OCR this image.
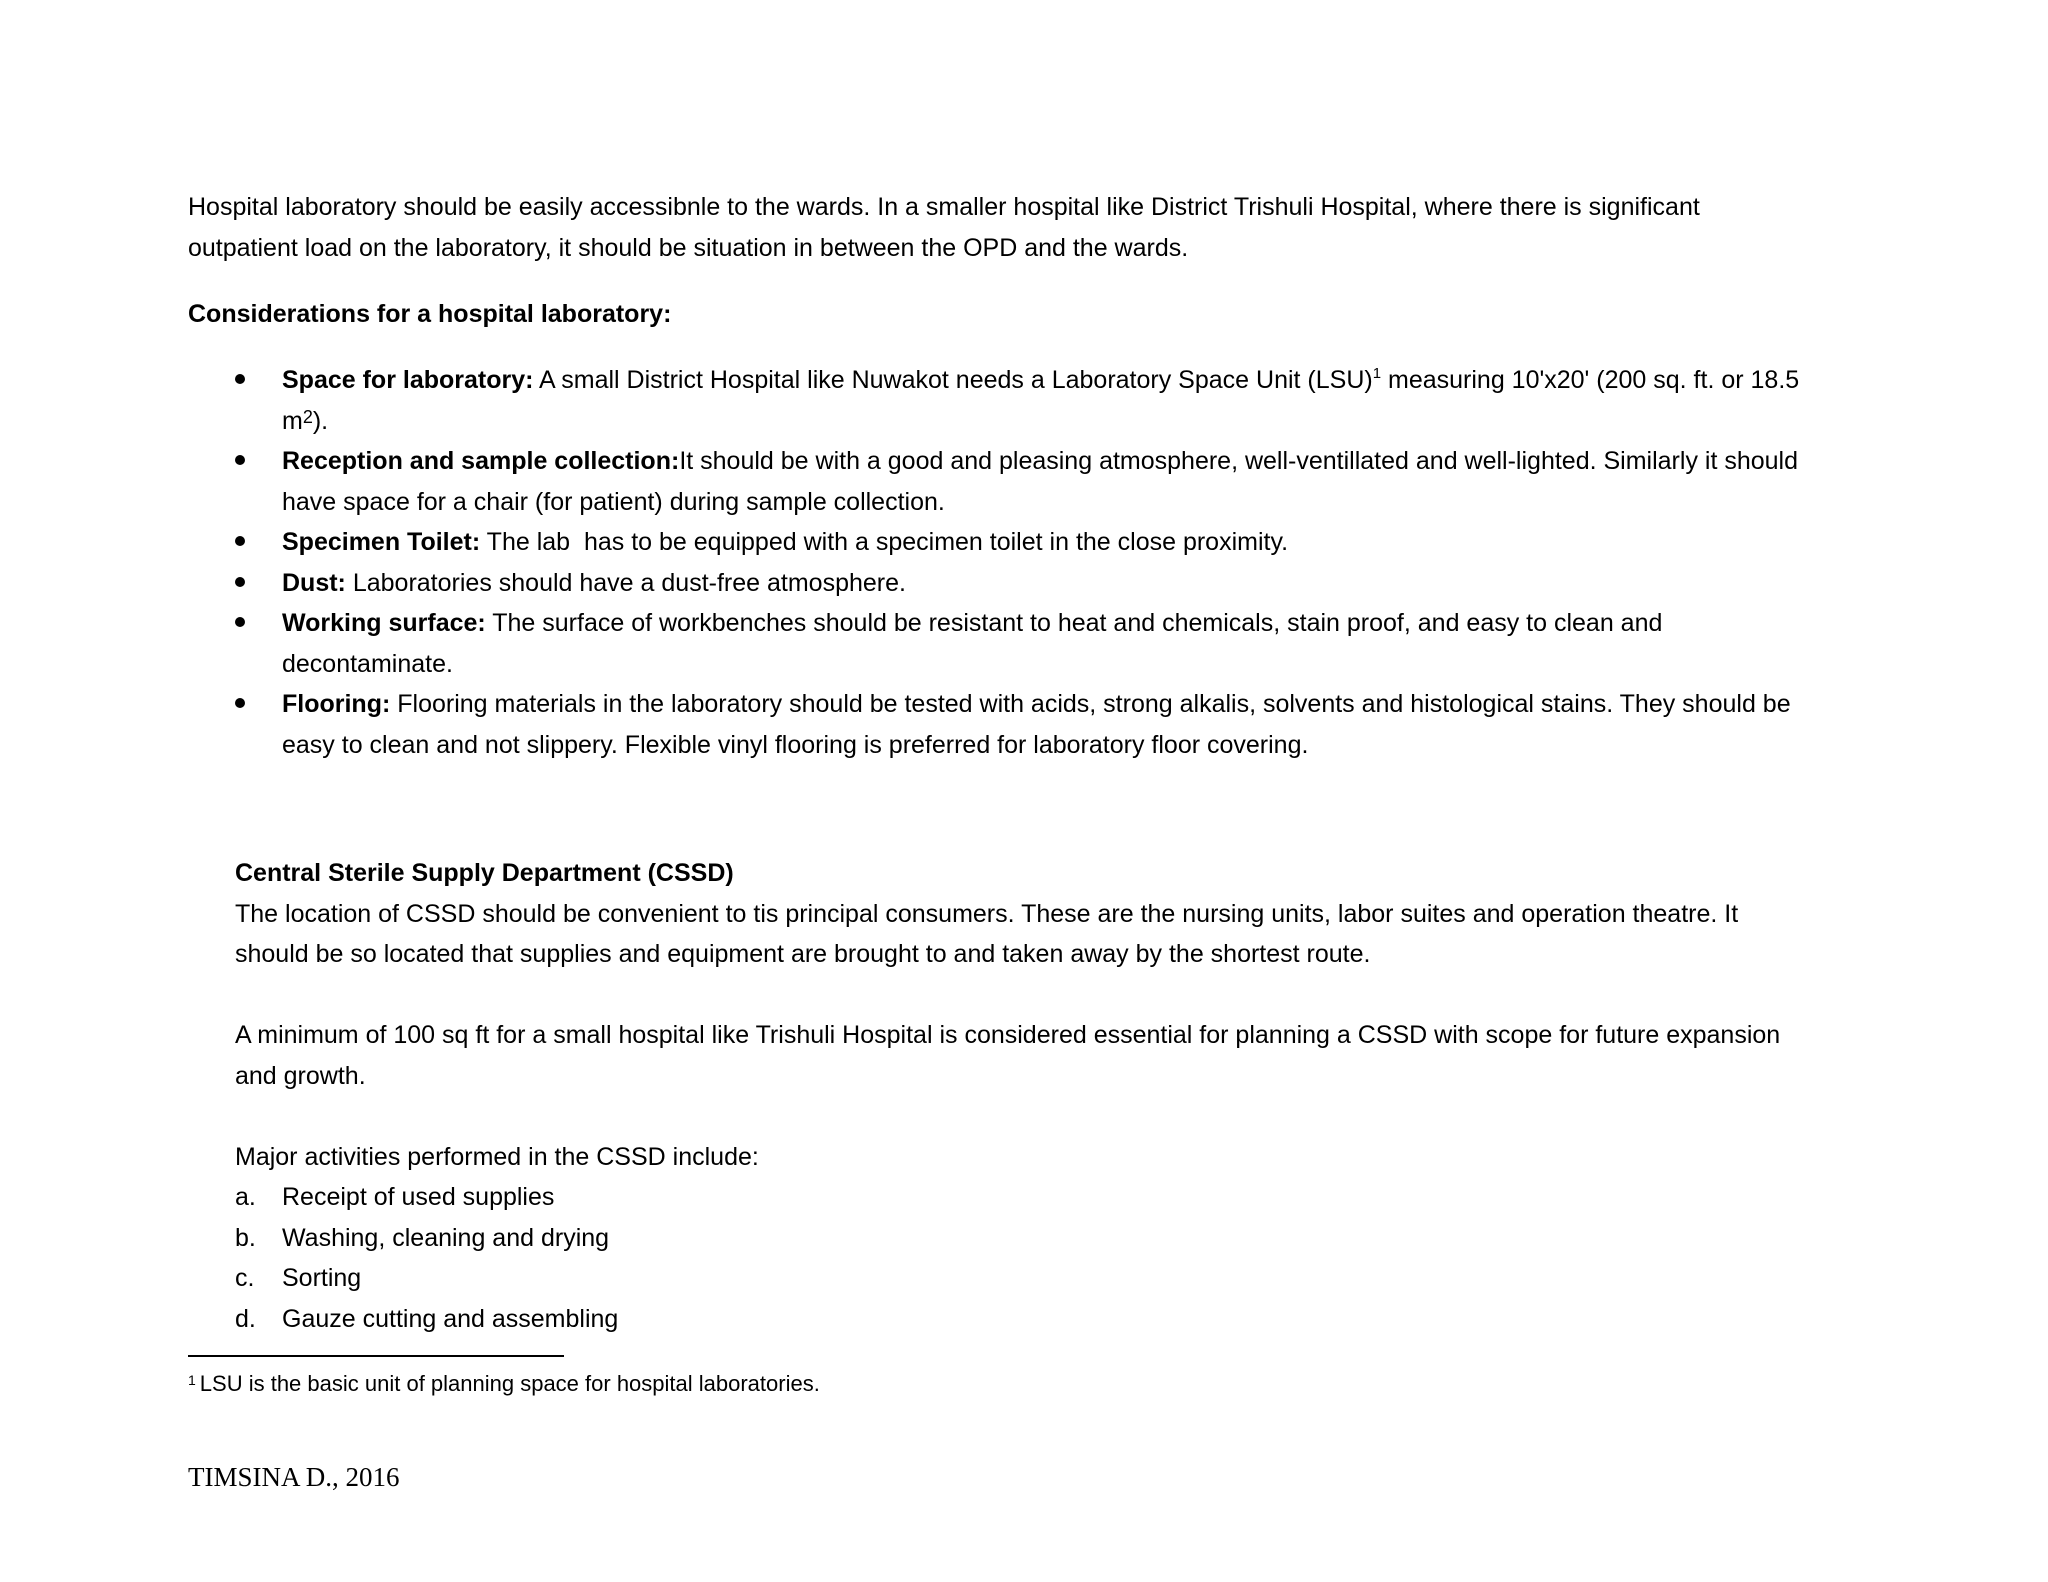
Hospital laboratory should be easily accessibnle to the wards. In a smaller hospital like District Trishuli Hospital, where there is significant
outpatient load on the laboratory, it should be situation in between the OPD and the wards.
Considerations for a hospital laboratory:
Space for laboratory: A small District Hospital like Nuwakot needs a Laboratory Space Unit (LSU)$^1$ measuring 10'x20' (200 sq. ft. or 18.5
$m^2$).
Reception and sample collection:It should be with a good and pleasing atmosphere, well-ventillated and well-lighted. Similarly it should
have space for a chair (for patient) during sample collection.
Specimen Toilet: The lab  has to be equipped with a specimen toilet in the close proximity.
Dust: Laboratories should have a dust-free atmosphere.
Working surface: The surface of workbenches should be resistant to heat and chemicals, stain proof, and easy to clean and
decontaminate.
Flooring: Flooring materials in the laboratory should be tested with acids, strong alkalis, solvents and histological stains. They should be
easy to clean and not slippery. Flexible vinyl flooring is preferred for laboratory floor covering.
Central Sterile Supply Department (CSSD)
The location of CSSD should be convenient to tis principal consumers. These are the nursing units, labor suites and operation theatre. It
should be so located that supplies and equipment are brought to and taken away by the shortest route.
A minimum of 100 sq ft for a small hospital like Trishuli Hospital is considered essential for planning a CSSD with scope for future expansion
and growth.
Major activities performed in the CSSD include:
a. Receipt of used supplies
b. Washing, cleaning and drying
c. Sorting
d. Gauze cutting and assembling
$^1$ LSU is the basic unit of planning space for hospital laboratories.
TIMSINA D., 2016
